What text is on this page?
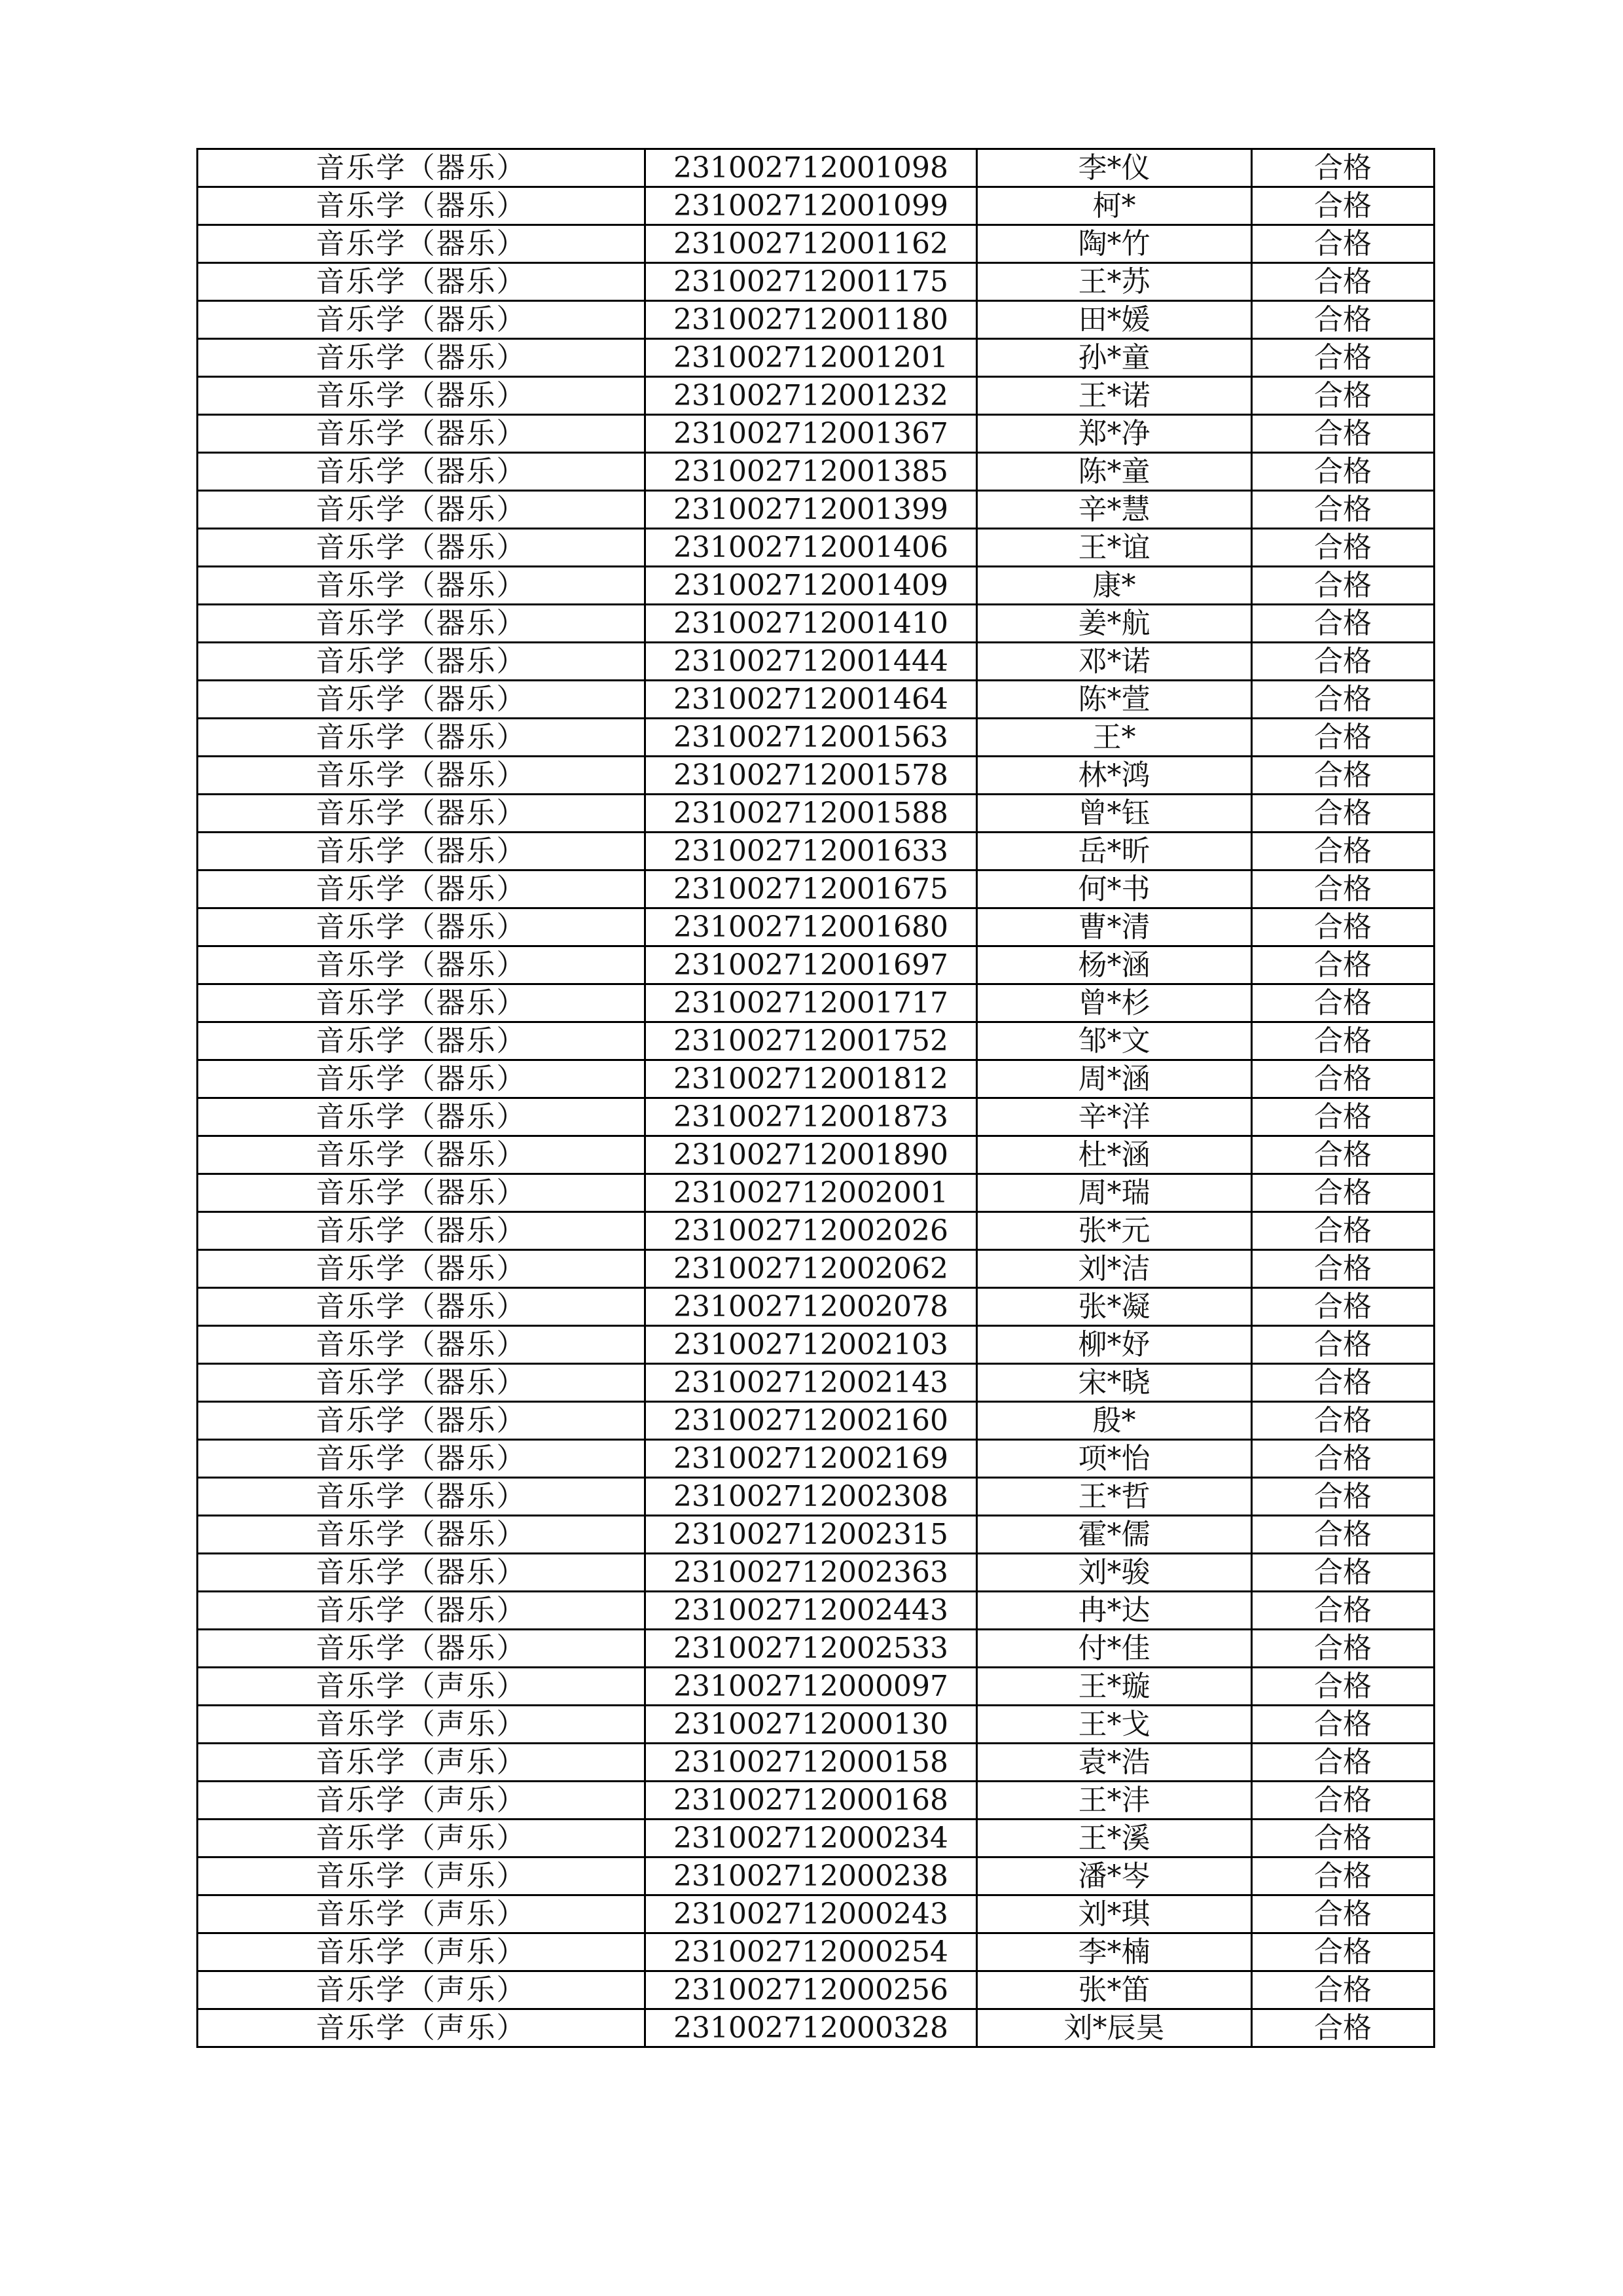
音乐学（器乐）	231002712001098	李*仪	合格
音乐学（器乐）	231002712001099	柯*	合格
音乐学（器乐）	231002712001162	陶*竹	合格
音乐学（器乐）	231002712001175	王*苏	合格
音乐学（器乐）	231002712001180	田*媛	合格
音乐学（器乐）	231002712001201	孙*童	合格
音乐学（器乐）	231002712001232	王*诺	合格
音乐学（器乐）	231002712001367	郑*净	合格
音乐学（器乐）	231002712001385	陈*童	合格
音乐学（器乐）	231002712001399	辛*慧	合格
音乐学（器乐）	231002712001406	王*谊	合格
音乐学（器乐）	231002712001409	康*	合格
音乐学（器乐）	231002712001410	姜*航	合格
音乐学（器乐）	231002712001444	邓*诺	合格
音乐学（器乐）	231002712001464	陈*萱	合格
音乐学（器乐）	231002712001563	王*	合格
音乐学（器乐）	231002712001578	林*鸿	合格
音乐学（器乐）	231002712001588	曾*钰	合格
音乐学（器乐）	231002712001633	岳*昕	合格
音乐学（器乐）	231002712001675	何*书	合格
音乐学（器乐）	231002712001680	曹*清	合格
音乐学（器乐）	231002712001697	杨*涵	合格
音乐学（器乐）	231002712001717	曾*杉	合格
音乐学（器乐）	231002712001752	邹*文	合格
音乐学（器乐）	231002712001812	周*涵	合格
音乐学（器乐）	231002712001873	辛*洋	合格
音乐学（器乐）	231002712001890	杜*涵	合格
音乐学（器乐）	231002712002001	周*瑞	合格
音乐学（器乐）	231002712002026	张*元	合格
音乐学（器乐）	231002712002062	刘*洁	合格
音乐学（器乐）	231002712002078	张*凝	合格
音乐学（器乐）	231002712002103	柳*妤	合格
音乐学（器乐）	231002712002143	宋*晓	合格
音乐学（器乐）	231002712002160	殷*	合格
音乐学（器乐）	231002712002169	项*怡	合格
音乐学（器乐）	231002712002308	王*哲	合格
音乐学（器乐）	231002712002315	霍*儒	合格
音乐学（器乐）	231002712002363	刘*骏	合格
音乐学（器乐）	231002712002443	冉*达	合格
音乐学（器乐）	231002712002533	付*佳	合格
音乐学（声乐）	231002712000097	王*璇	合格
音乐学（声乐）	231002712000130	王*戈	合格
音乐学（声乐）	231002712000158	袁*浩	合格
音乐学（声乐）	231002712000168	王*沣	合格
音乐学（声乐）	231002712000234	王*溪	合格
音乐学（声乐）	231002712000238	潘*岑	合格
音乐学（声乐）	231002712000243	刘*琪	合格
音乐学（声乐）	231002712000254	李*楠	合格
音乐学（声乐）	231002712000256	张*笛	合格
音乐学（声乐）	231002712000328	刘*辰昊	合格
